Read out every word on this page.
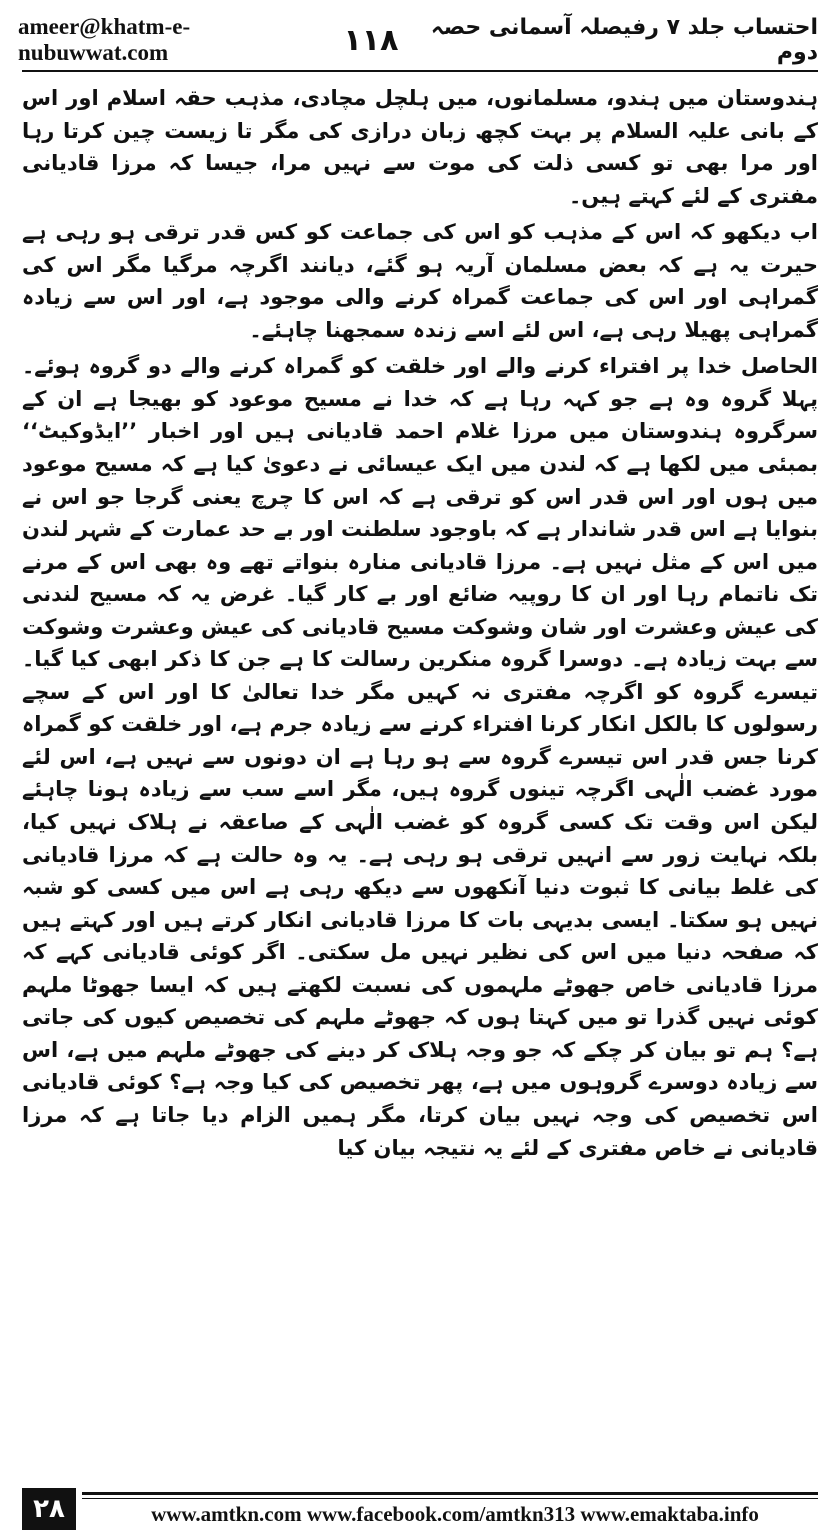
ameer@khatm-e-nubuwwat.com	۱۱۸	احتساب جلد ۷ رفیصلہ آسمانی حصہ دوم

ہندوستان میں ہندو، مسلمانوں، میں ہلچل مچادی، مذہب حقہ اسلام اور اس کے بانی علیہ السلام پر بہت کچھ زبان درازی کی مگر تا زیست چین کرتا رہا اور مرا بھی تو کسی ذلت کی موت سے نہیں مرا، جیسا کہ مرزا قادیانی مفتری کے لئے کہتے ہیں۔

اب دیکھو کہ اس کے مذہب کو اس کی جماعت کو کس قدر ترقی ہو رہی ہے حیرت یہ ہے کہ بعض مسلمان آریہ ہو گئے، دیانند اگرچہ مرگیا مگر اس کی گمراہی اور اس کی جماعت گمراہ کرنے والی موجود ہے، اور اس سے زیادہ گمراہی پھیلا رہی ہے، اس لئے اسے زندہ سمجھنا چاہئے۔

الحاصل خدا پر افتراء کرنے والے اور خلقت کو گمراہ کرنے والے دو گروہ ہوئے۔ پہلا گروہ وہ ہے جو کہہ رہا ہے کہ خدا نے مسیح موعود کو بھیجا ہے ان کے سرگروہ ہندوستان میں مرزا غلام احمد قادیانی ہیں اور اخبار ’’ایڈوکیٹ‘‘ بمبئی میں لکھا ہے کہ لندن میں ایک عیسائی نے دعویٰ کیا ہے کہ مسیح موعود میں ہوں اور اس قدر اس کو ترقی ہے کہ اس کا چرچ یعنی گرجا جو اس نے بنوایا ہے اس قدر شاندار ہے کہ باوجود سلطنت اور بے حد عمارت کے شہر لندن میں اس کے مثل نہیں ہے۔ مرزا قادیانی منارہ بنواتے تھے وہ بھی اس کے مرنے تک ناتمام رہا اور ان کا روپیہ ضائع اور بے کار گیا۔ غرض یہ کہ مسیح لندنی کی عیش وعشرت اور شان وشوکت مسیح قادیانی کی عیش وعشرت وشوکت سے بہت زیادہ ہے۔ دوسرا گروہ منکرین رسالت کا ہے جن کا ذکر ابھی کیا گیا۔ تیسرے گروہ کو اگرچہ مفتری نہ کہیں مگر خدا تعالیٰ کا اور اس کے سچے رسولوں کا بالکل انکار کرنا افتراء کرنے سے زیادہ جرم ہے، اور خلقت کو گمراہ کرنا جس قدر اس تیسرے گروہ سے ہو رہا ہے ان دونوں سے نہیں ہے، اس لئے مورد غضب الٰہی اگرچہ تینوں گروہ ہیں، مگر اسے سب سے زیادہ ہونا چاہئے لیکن اس وقت تک کسی گروہ کو غضب الٰہی کے صاعقہ نے ہلاک نہیں کیا، بلکہ نہایت زور سے انہیں ترقی ہو رہی ہے۔ یہ وہ حالت ہے کہ مرزا قادیانی کی غلط بیانی کا ثبوت دنیا آنکھوں سے دیکھ رہی ہے اس میں کسی کو شبہ نہیں ہو سکتا۔ ایسی بدیہی بات کا مرزا قادیانی انکار کرتے ہیں اور کہتے ہیں کہ صفحہ دنیا میں اس کی نظیر نہیں مل سکتی۔ اگر کوئی قادیانی کہے کہ مرزا قادیانی خاص جھوٹے ملہموں کی نسبت لکھتے ہیں کہ ایسا جھوٹا ملہم کوئی نہیں گذرا تو میں کہتا ہوں کہ جھوٹے ملہم کی تخصیص کیوں کی جاتی ہے؟ ہم تو بیان کر چکے کہ جو وجہ ہلاک کر دینے کی جھوٹے ملہم میں ہے، اس سے زیادہ دوسرے گروہوں میں ہے، پھر تخصیص کی کیا وجہ ہے؟ کوئی قادیانی اس تخصیص کی وجہ نہیں بیان کرتا، مگر ہمیں الزام دیا جاتا ہے کہ مرزا قادیانی نے خاص مفتری کے لئے یہ نتیجہ بیان کیا

۲۸	www.amtkn.com www.facebook.com/amtkn313 www.emaktaba.info
